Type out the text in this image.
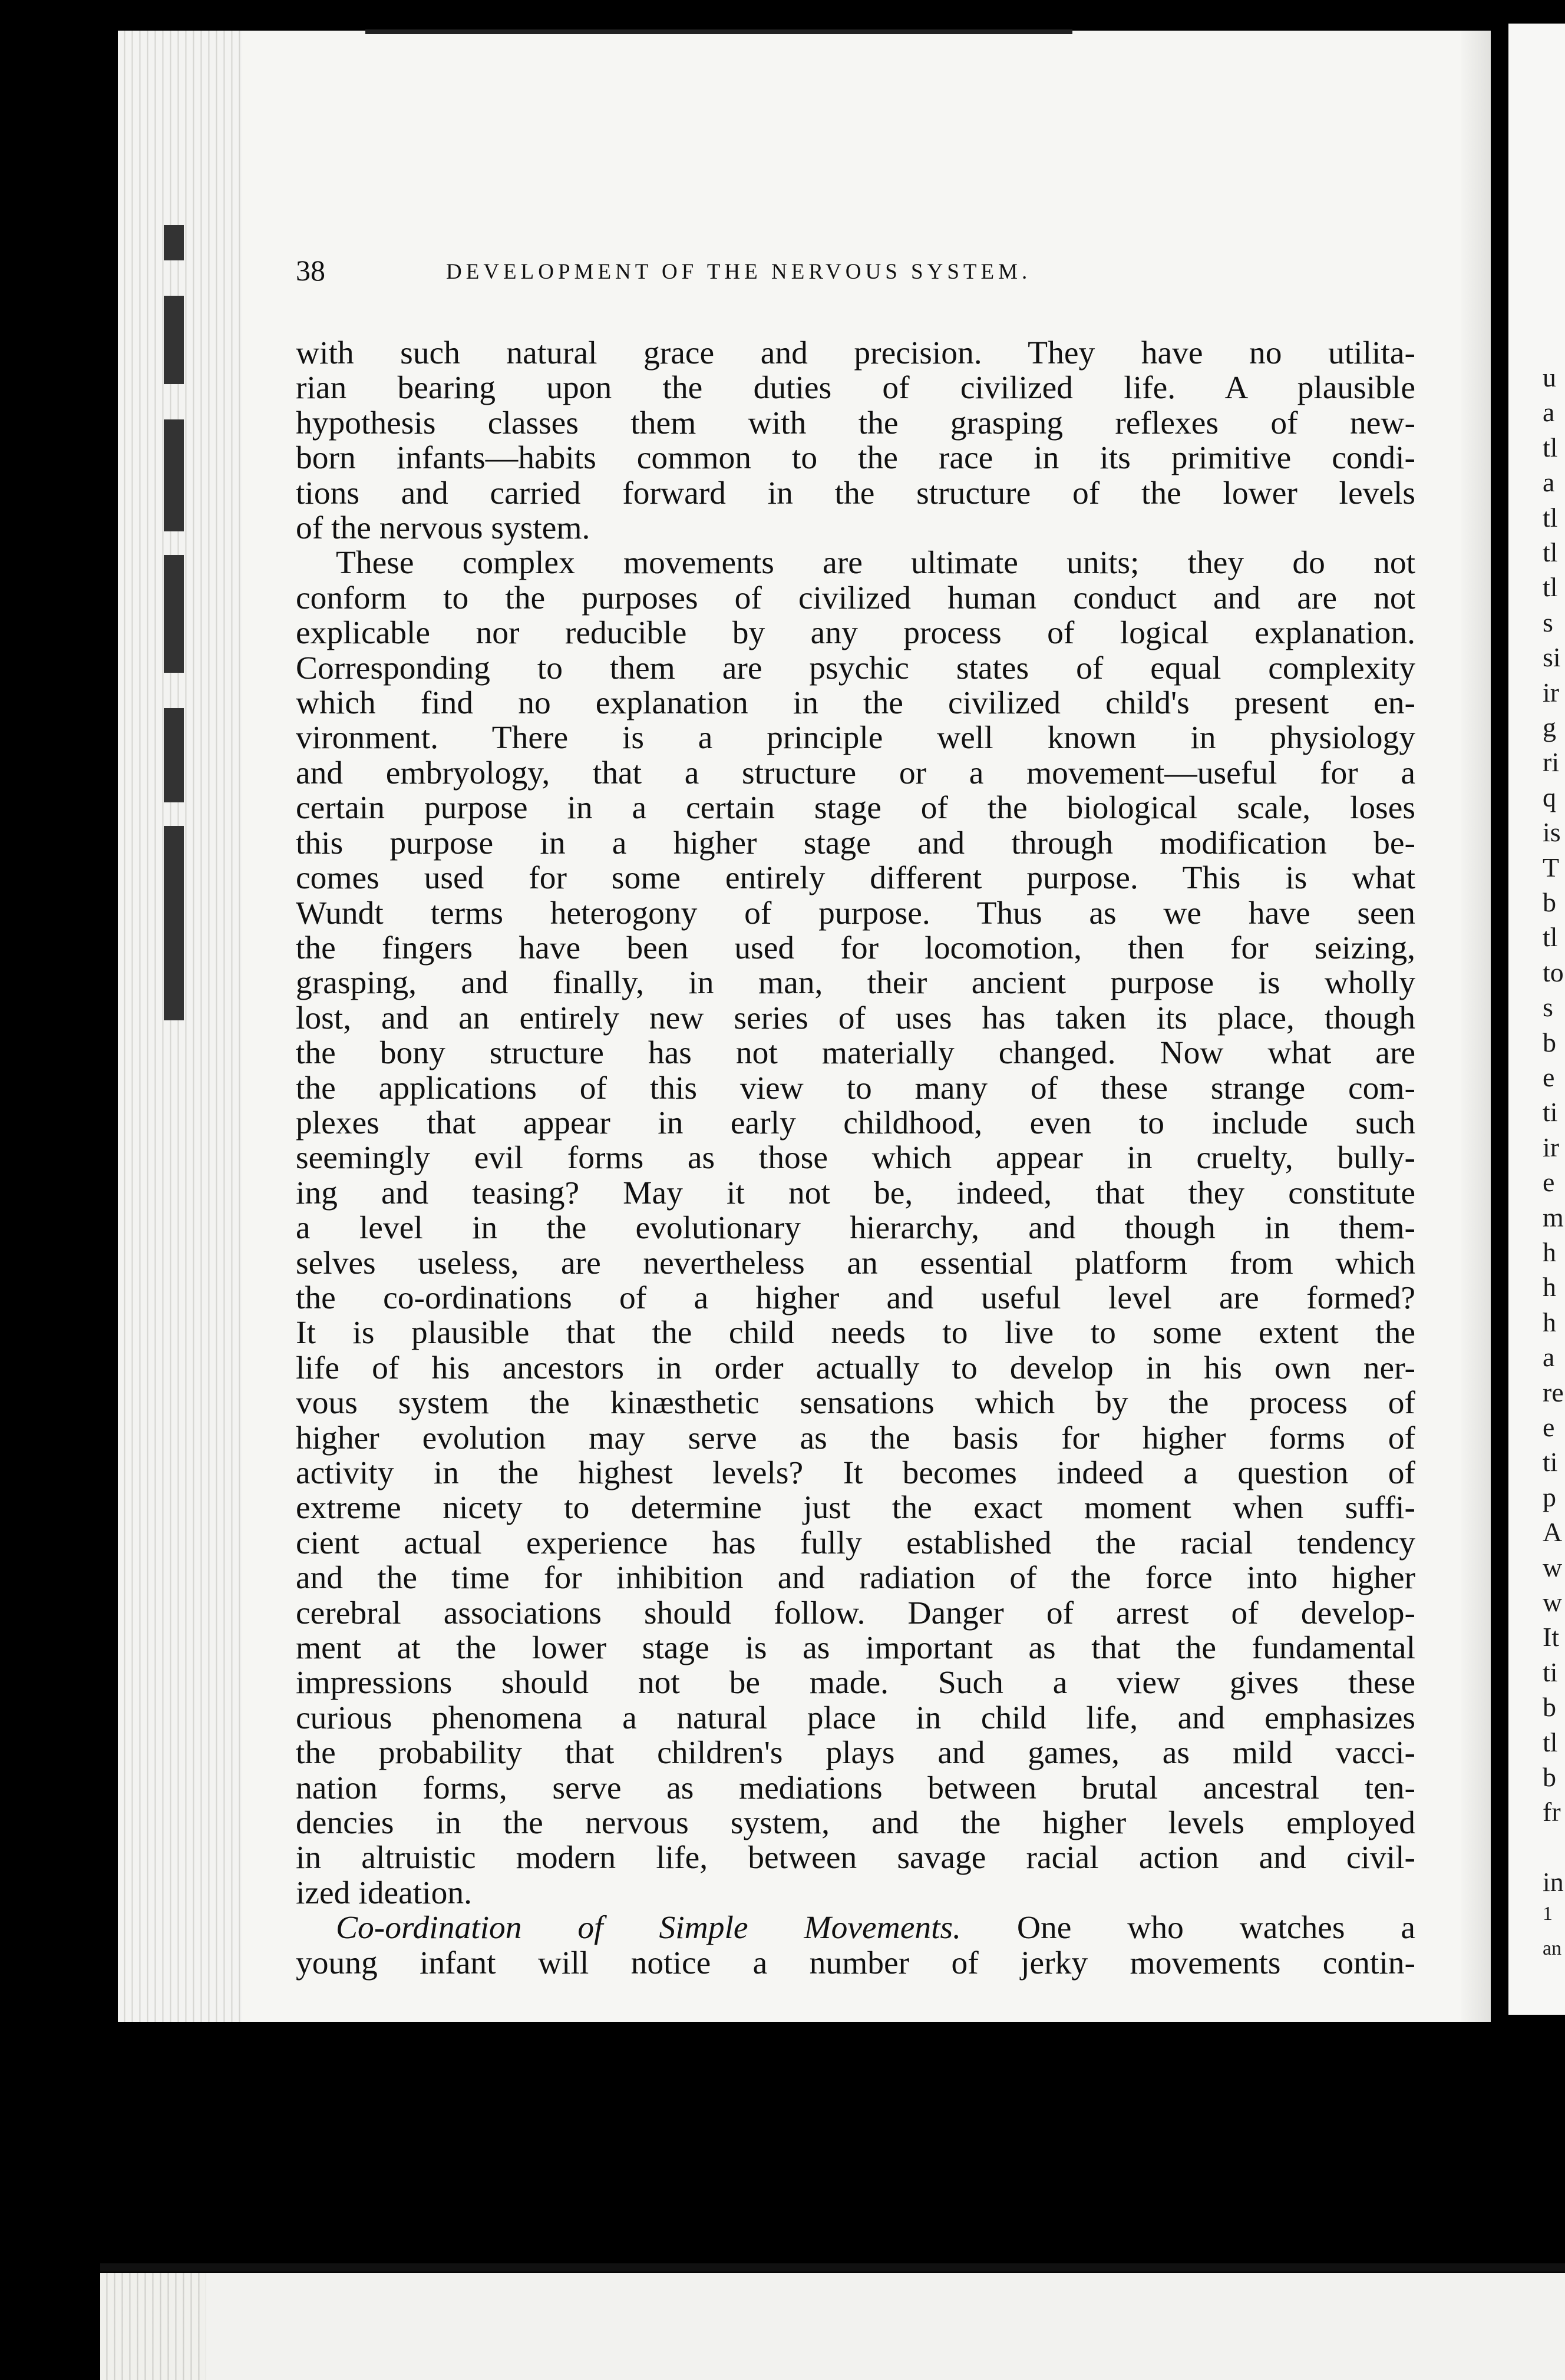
u
a
tl
a
tl
tl
tl
s
si
ir
g
ri
q
is
T
b
tl
to
s
b
e
ti
ir
e
m
h
h
h
a
re
e
ti
p
A
w
w
It
ti
b
tl
b
fr
in
1
an
38	DEVELOPMENT OF THE NERVOUS SYSTEM.
with such natural grace and precision. They have no utilita-
rian bearing upon the duties of civilized life. A plausible
hypothesis classes them with the grasping reflexes of new-
born infants—habits common to the race in its primitive condi-
tions and carried forward in the structure of the lower levels
of the nervous system.
These complex movements are ultimate units; they do not
conform to the purposes of civilized human conduct and are not
explicable nor reducible by any process of logical explanation.
Corresponding to them are psychic states of equal complexity
which find no explanation in the civilized child's present en-
vironment. There is a principle well known in physiology
and embryology, that a structure or a movement—useful for a
certain purpose in a certain stage of the biological scale, loses
this purpose in a higher stage and through modification be-
comes used for some entirely different purpose. This is what
Wundt terms heterogony of purpose. Thus as we have seen
the fingers have been used for locomotion, then for seizing,
grasping, and finally, in man, their ancient purpose is wholly
lost, and an entirely new series of uses has taken its place, though
the bony structure has not materially changed. Now what are
the applications of this view to many of these strange com-
plexes that appear in early childhood, even to include such
seemingly evil forms as those which appear in cruelty, bully-
ing and teasing? May it not be, indeed, that they constitute
a level in the evolutionary hierarchy, and though in them-
selves useless, are nevertheless an essential platform from which
the co-ordinations of a higher and useful level are formed?
It is plausible that the child needs to live to some extent the
life of his ancestors in order actually to develop in his own ner-
vous system the kinæsthetic sensations which by the process of
higher evolution may serve as the basis for higher forms of
activity in the highest levels? It becomes indeed a question of
extreme nicety to determine just the exact moment when suffi-
cient actual experience has fully established the racial tendency
and the time for inhibition and radiation of the force into higher
cerebral associations should follow. Danger of arrest of develop-
ment at the lower stage is as important as that the fundamental
impressions should not be made. Such a view gives these
curious phenomena a natural place in child life, and emphasizes
the probability that children's plays and games, as mild vacci-
nation forms, serve as mediations between brutal ancestral ten-
dencies in the nervous system, and the higher levels employed
in altruistic modern life, between savage racial action and civil-
ized ideation.
Co-ordination of Simple Movements. One who watches a
young infant will notice a number of jerky movements contin-
